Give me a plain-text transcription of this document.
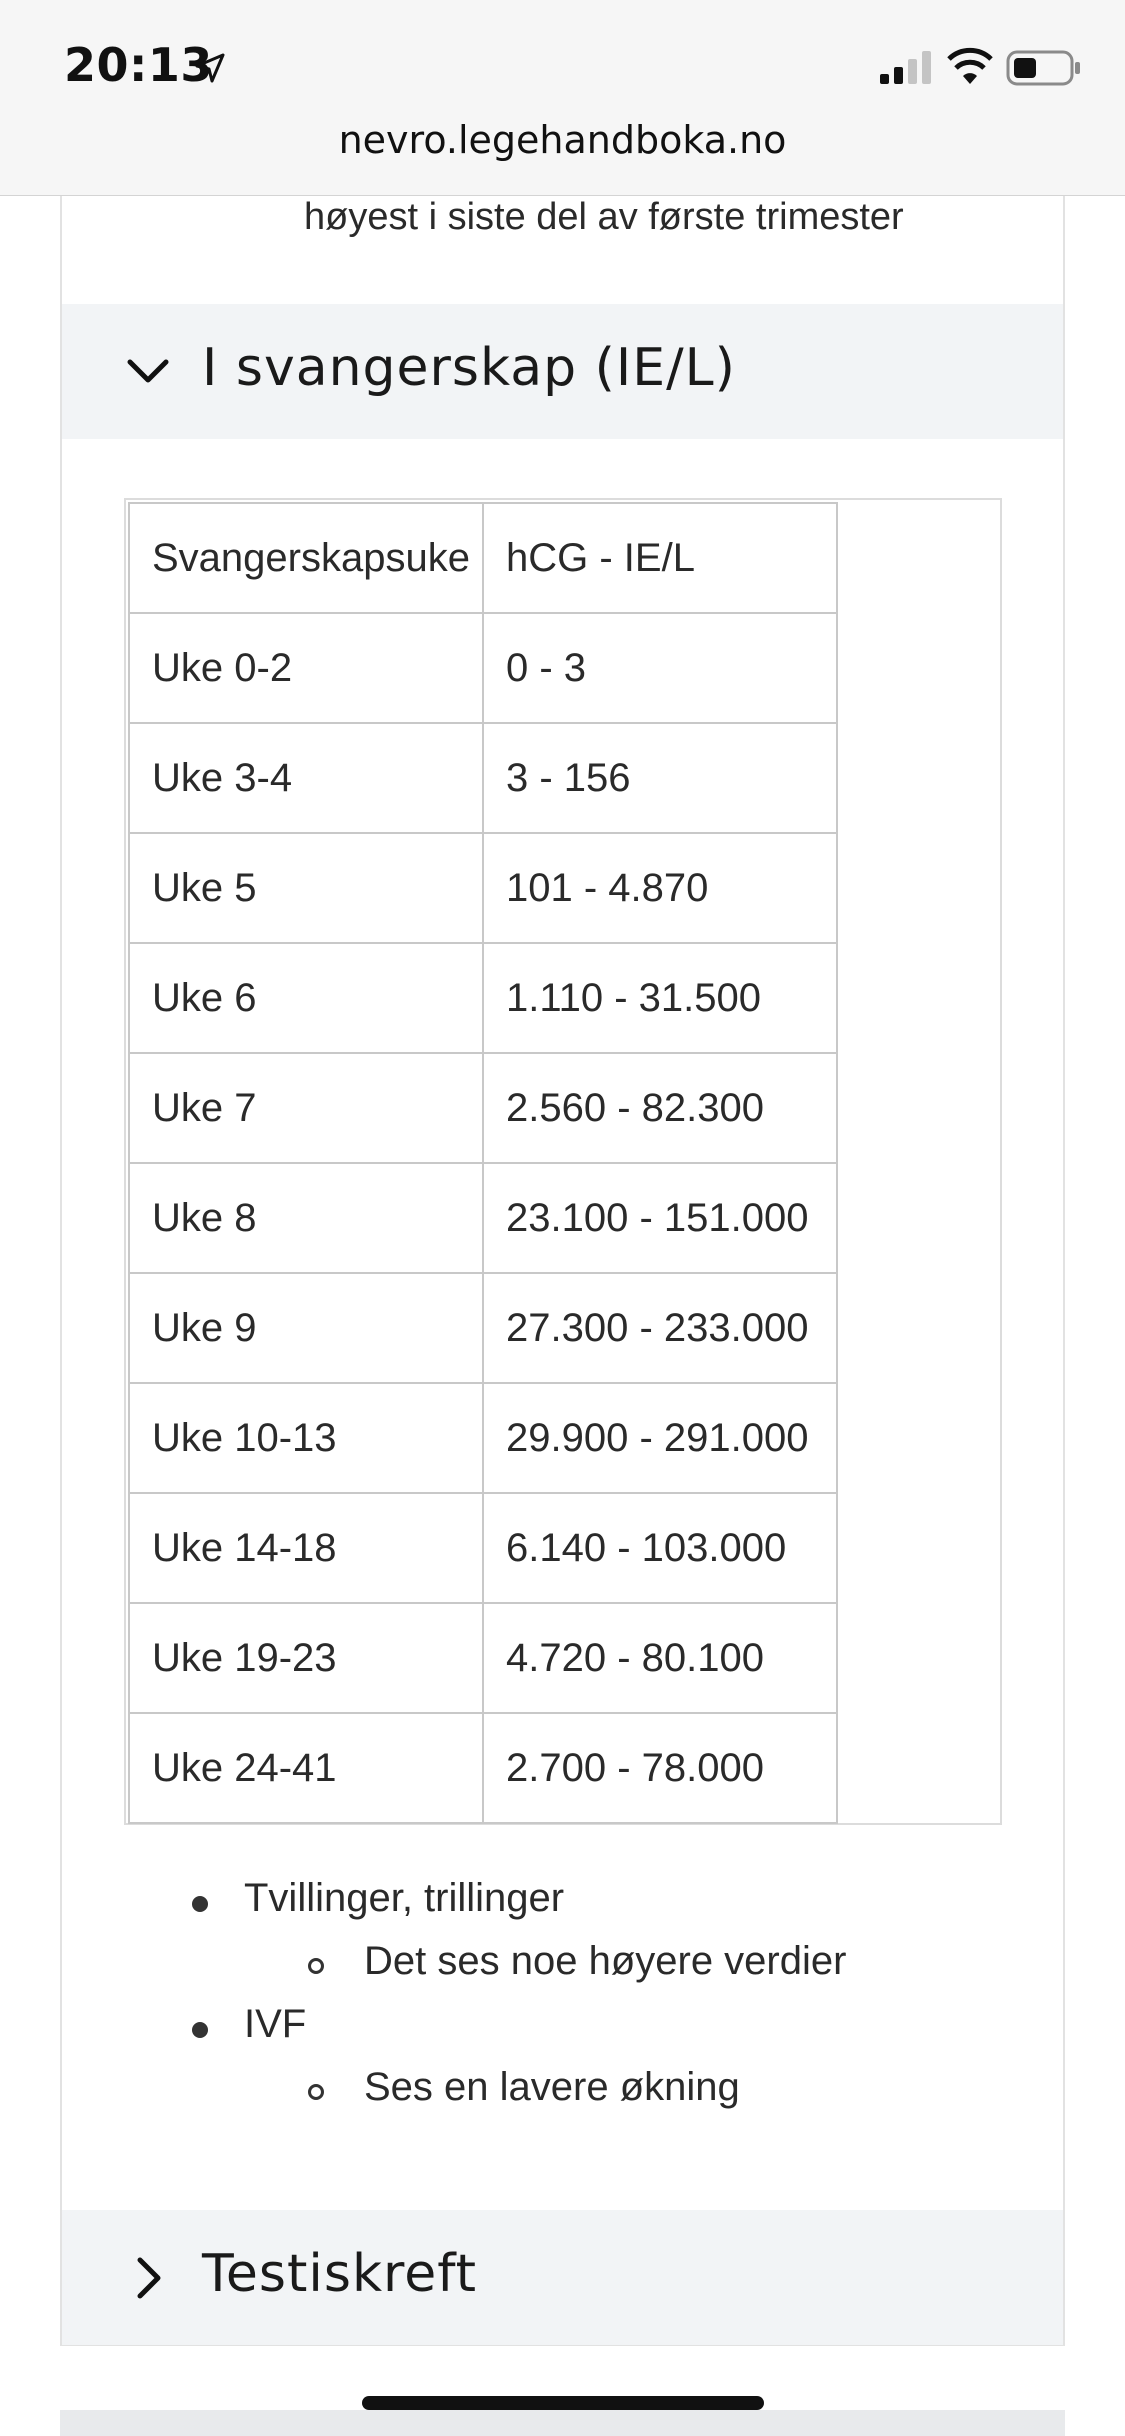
20:13
nevro.legehandboka.no
høyest i siste del av første trimester
I svangerskap (IE/L)
Svangerskapsuke	hCG - IE/L
Uke 0-2	0 - 3
Uke 3-4	3 - 156
Uke 5	101 - 4.870
Uke 6	1.110 - 31.500
Uke 7	2.560 - 82.300
Uke 8	23.100 - 151.000
Uke 9	27.300 - 233.000
Uke 10-13	29.900 - 291.000
Uke 14-18	6.140 - 103.000
Uke 19-23	4.720 - 80.100
Uke 24-41	2.700 - 78.000
Tvillinger, trillinger
Det ses noe høyere verdier
IVF
Ses en lavere økning
Testiskreft
